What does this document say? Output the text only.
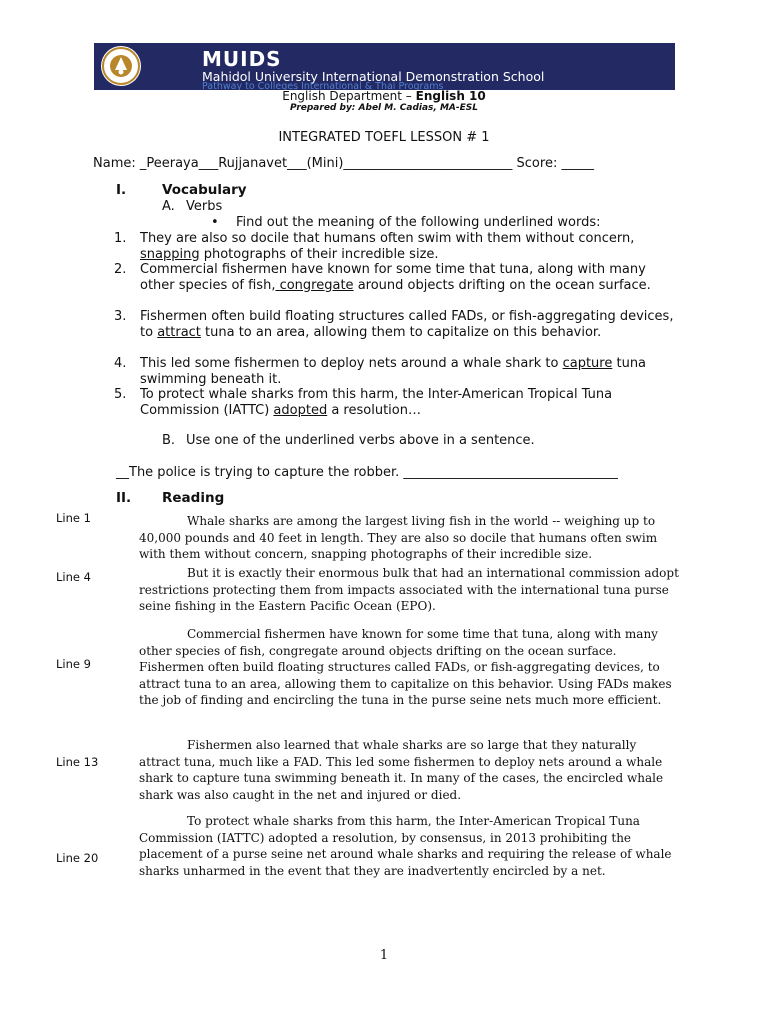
MUIDS
Mahidol University International Demonstration School
Pathway to Colleges International & Thai Programs
English Department – English 10
Prepared by: Abel M. Cadias, MA-ESL
INTEGRATED TOEFL LESSON # 1
Name: _Peeraya___Rujjanavet___(Mini)__________________________ Score: _____
I.	Vocabulary
A. Verbs
• Find out the meaning of the following underlined words:
1. They are also so docile that humans often swim with them without concern, snapping photographs of their incredible size.
2. Commercial fishermen have known for some time that tuna, along with many other species of fish, congregate around objects drifting on the ocean surface.
3. Fishermen often build floating structures called FADs, or fish-aggregating devices, to attract tuna to an area, allowing them to capitalize on this behavior.
4. This led some fishermen to deploy nets around a whale shark to capture tuna swimming beneath it.
5. To protect whale sharks from this harm, the Inter-American Tropical Tuna Commission (IATTC) adopted a resolution…
B. Use one of the underlined verbs above in a sentence.
__The police is trying to capture the robber. _________________________________
II. Reading
Line 1
Line 4
Line 9
Line 13
Line 20
Whale sharks are among the largest living fish in the world -- weighing up to 40,000 pounds and 40 feet in length. They are also so docile that humans often swim with them without concern, snapping photographs of their incredible size.
But it is exactly their enormous bulk that had an international commission adopt restrictions protecting them from impacts associated with the international tuna purse seine fishing in the Eastern Pacific Ocean (EPO).
Commercial fishermen have known for some time that tuna, along with many other species of fish, congregate around objects drifting on the ocean surface. Fishermen often build floating structures called FADs, or fish-aggregating devices, to attract tuna to an area, allowing them to capitalize on this behavior. Using FADs makes the job of finding and encircling the tuna in the purse seine nets much more efficient.
Fishermen also learned that whale sharks are so large that they naturally attract tuna, much like a FAD. This led some fishermen to deploy nets around a whale shark to capture tuna swimming beneath it. In many of the cases, the encircled whale shark was also caught in the net and injured or died.
To protect whale sharks from this harm, the Inter-American Tropical Tuna Commission (IATTC) adopted a resolution, by consensus, in 2013 prohibiting the placement of a purse seine net around whale sharks and requiring the release of whale sharks unharmed in the event that they are inadvertently encircled by a net.
1
